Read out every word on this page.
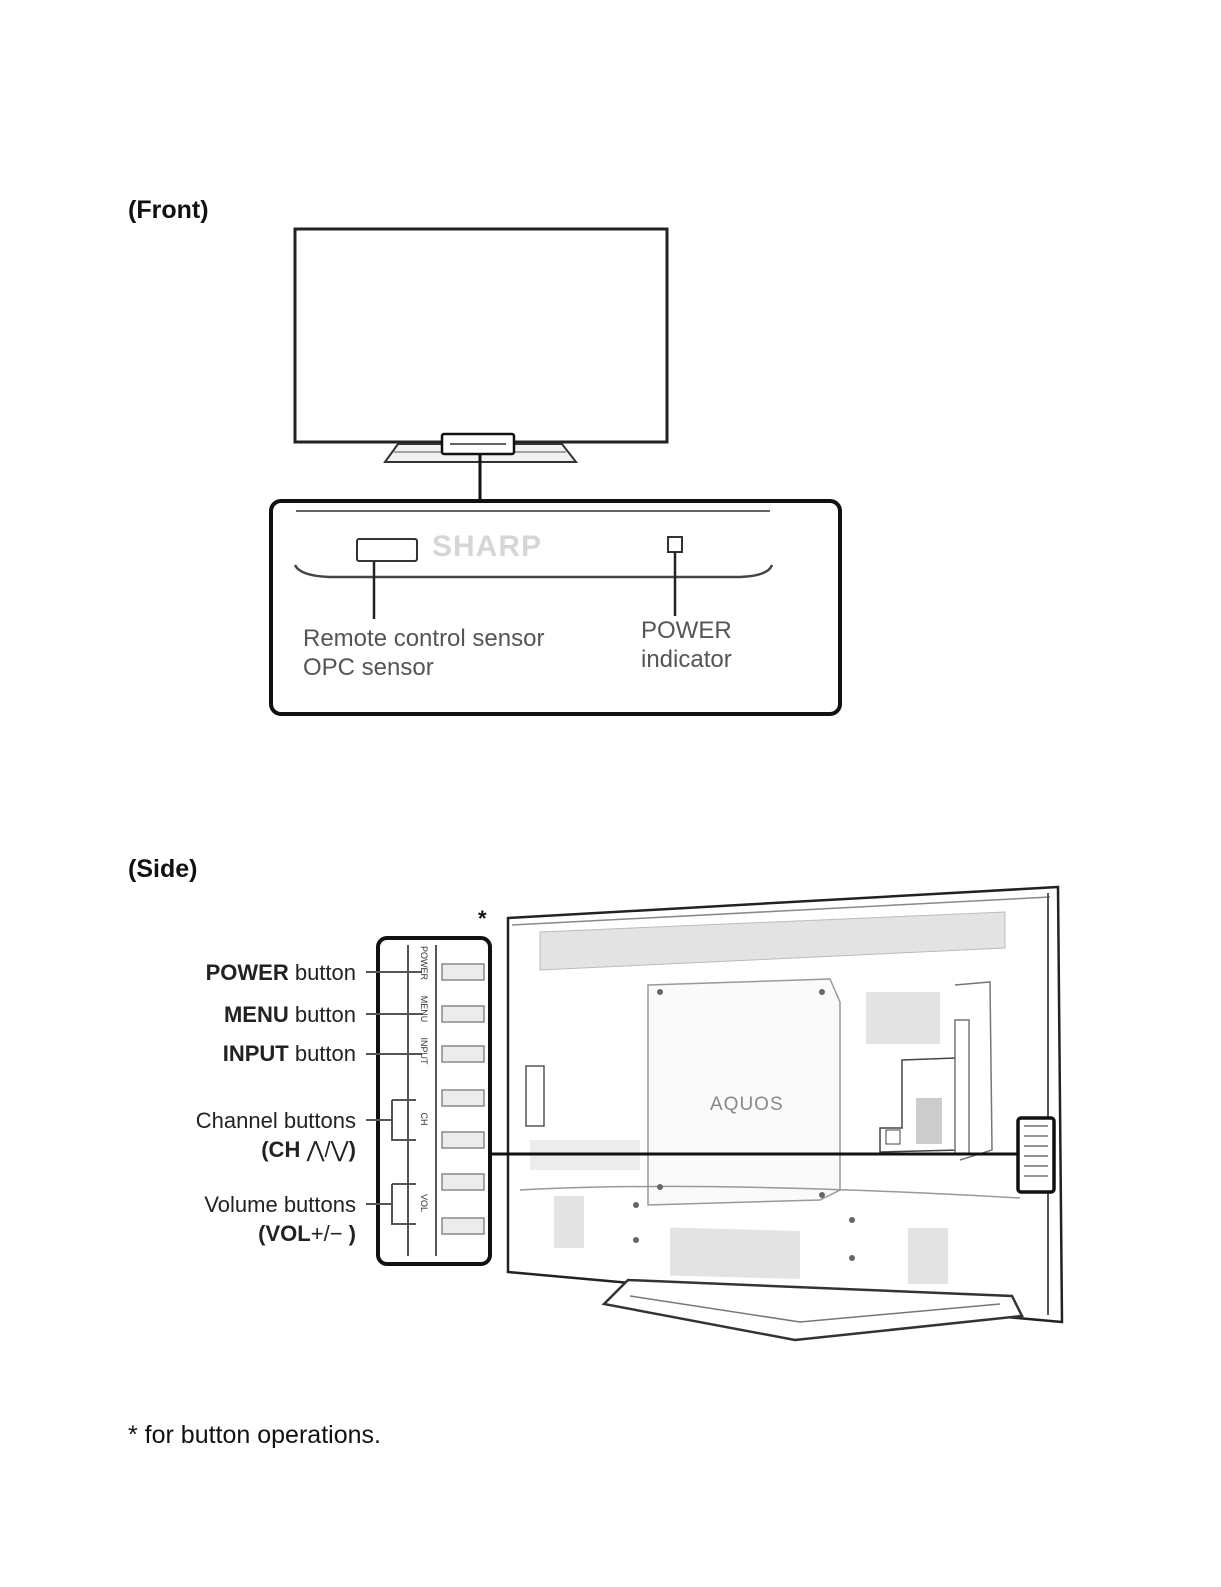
(Front)
(Side)
SHARP
Remote control sensor
OPC sensor
POWER
indicator
POWER
MENU
INPUT
CH
VOL
AQUOS
*
POWER button
MENU button
INPUT button
Channel buttons
(CH ⋀/⋁)
Volume buttons
(VOL+/− )
* for button operations.
